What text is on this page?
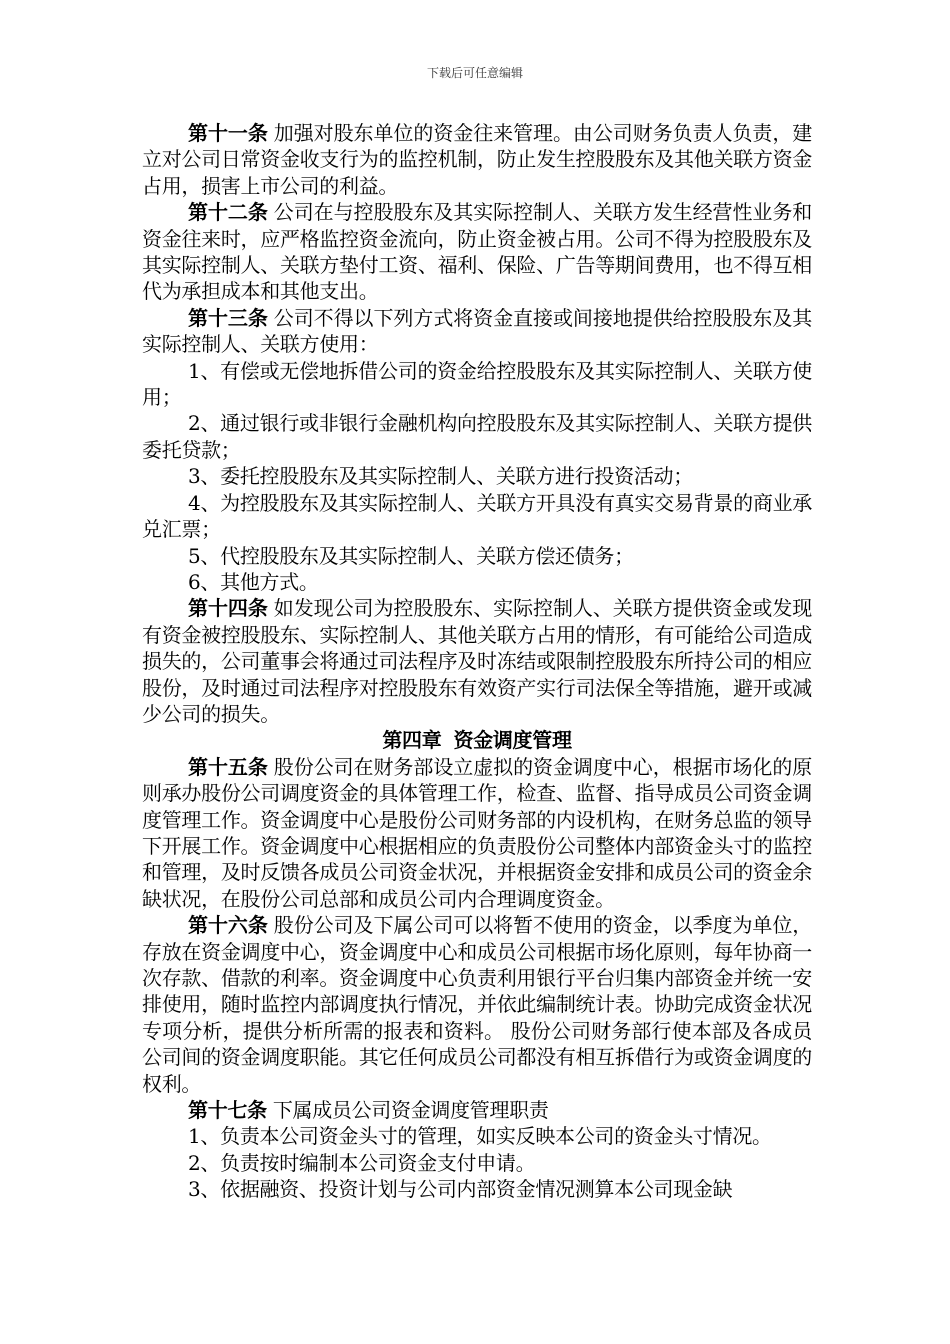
下载后可任意编辑

第十一条 加强对股东单位的资金往来管理。由公司财务负责人负责，建立对公司日常资金收支行为的监控机制，防止发生控股股东及其他关联方资金占用，损害上市公司的利益。

第十二条 公司在与控股股东及其实际控制人、关联方发生经营性业务和资金往来时，应严格监控资金流向，防止资金被占用。公司不得为控股股东及其实际控制人、关联方垫付工资、福利、保险、广告等期间费用，也不得互相代为承担成本和其他支出。

第十三条 公司不得以下列方式将资金直接或间接地提供给控股股东及其实际控制人、关联方使用：

1、有偿或无偿地拆借公司的资金给控股股东及其实际控制人、关联方使用；

2、通过银行或非银行金融机构向控股股东及其实际控制人、关联方提供委托贷款；

3、委托控股股东及其实际控制人、关联方进行投资活动；

4、为控股股东及其实际控制人、关联方开具没有真实交易背景的商业承兑汇票；

5、代控股股东及其实际控制人、关联方偿还债务；

6、其他方式。

第十四条 如发现公司为控股股东、实际控制人、关联方提供资金或发现有资金被控股股东、实际控制人、其他关联方占用的情形，有可能给公司造成损失的，公司董事会将通过司法程序及时冻结或限制控股股东所持公司的相应股份，及时通过司法程序对控股股东有效资产实行司法保全等措施，避开或减少公司的损失。

第四章 资金调度管理

第十五条 股份公司在财务部设立虚拟的资金调度中心，根据市场化的原则承办股份公司调度资金的具体管理工作，检查、监督、指导成员公司资金调度管理工作。资金调度中心是股份公司财务部的内设机构，在财务总监的领导下开展工作。资金调度中心根据相应的负责股份公司整体内部资金头寸的监控和管理，及时反馈各成员公司资金状况，并根据资金安排和成员公司的资金余缺状况，在股份公司总部和成员公司内合理调度资金。

第十六条 股份公司及下属公司可以将暂不使用的资金，以季度为单位，存放在资金调度中心，资金调度中心和成员公司根据市场化原则，每年协商一次存款、借款的利率。资金调度中心负责利用银行平台归集内部资金并统一安排使用，随时监控内部调度执行情况，并依此编制统计表。协助完成资金状况专项分析，提供分析所需的报表和资料。 股份公司财务部行使本部及各成员公司间的资金调度职能。其它任何成员公司都没有相互拆借行为或资金调度的权利。

第十七条 下属成员公司资金调度管理职责

1、负责本公司资金头寸的管理，如实反映本公司的资金头寸情况。

2、负责按时编制本公司资金支付申请。

3、依据融资、投资计划与公司内部资金情况测算本公司现金缺
